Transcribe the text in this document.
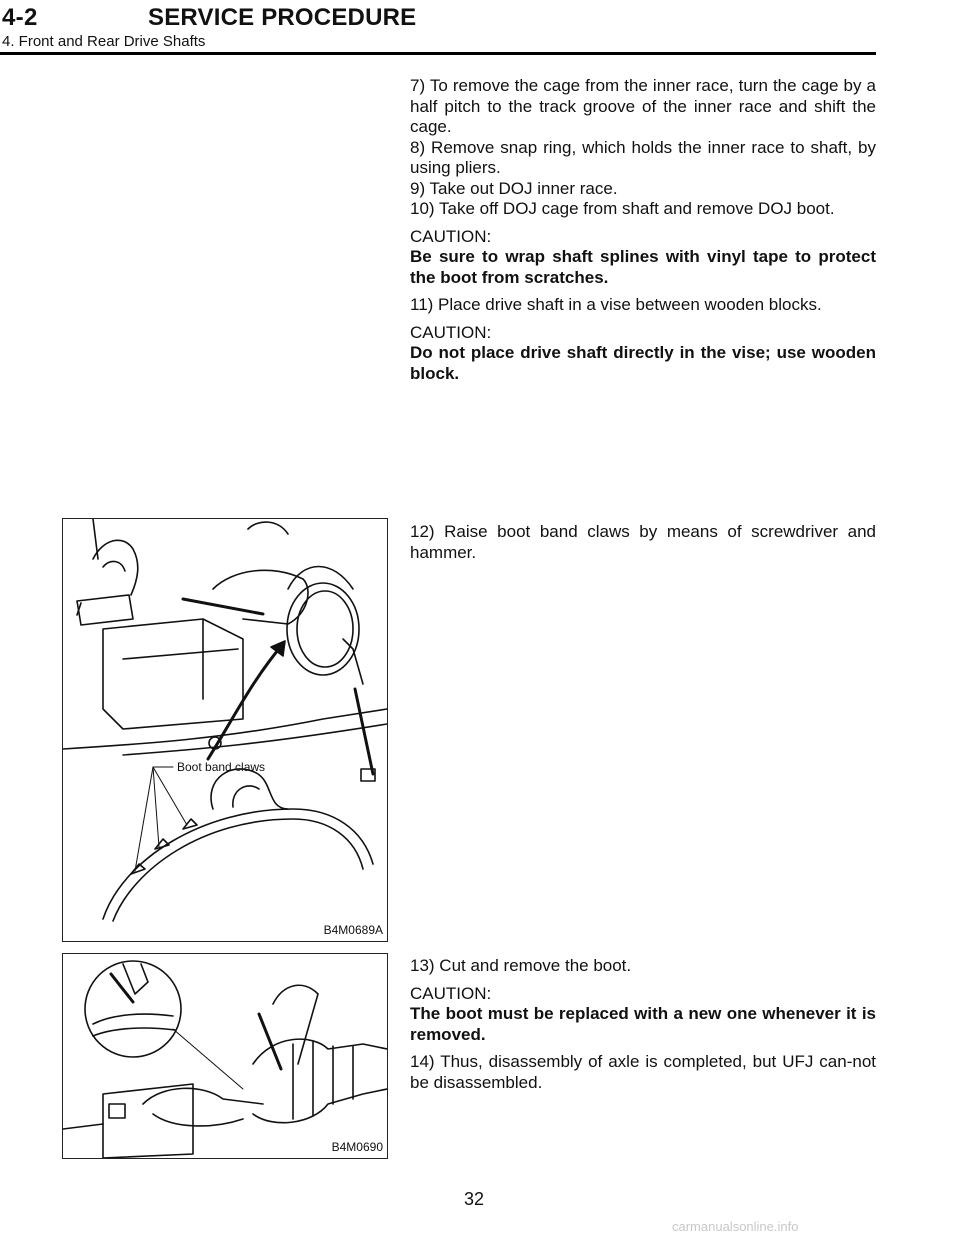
4-2	SERVICE PROCEDURE
4. Front and Rear Drive Shafts

7) To remove the cage from the inner race, turn the cage by a half pitch to the track groove of the inner race and shift the cage.

8) Remove snap ring, which holds the inner race to shaft, by using pliers.

9) Take out DOJ inner race.

10) Take off DOJ cage from shaft and remove DOJ boot.

CAUTION:

Be sure to wrap shaft splines with vinyl tape to protect the boot from scratches.

11) Place drive shaft in a vise between wooden blocks.

CAUTION:

Do not place drive shaft directly in the vise; use wooden block.

12) Raise boot band claws by means of screwdriver and hammer.

Boot band claws
B4M0689A

13) Cut and remove the boot.

CAUTION:

The boot must be replaced with a new one whenever it is removed.

14) Thus, disassembly of axle is completed, but UFJ can-not be disassembled.

B4M0690
32
carmanualsonline.info
